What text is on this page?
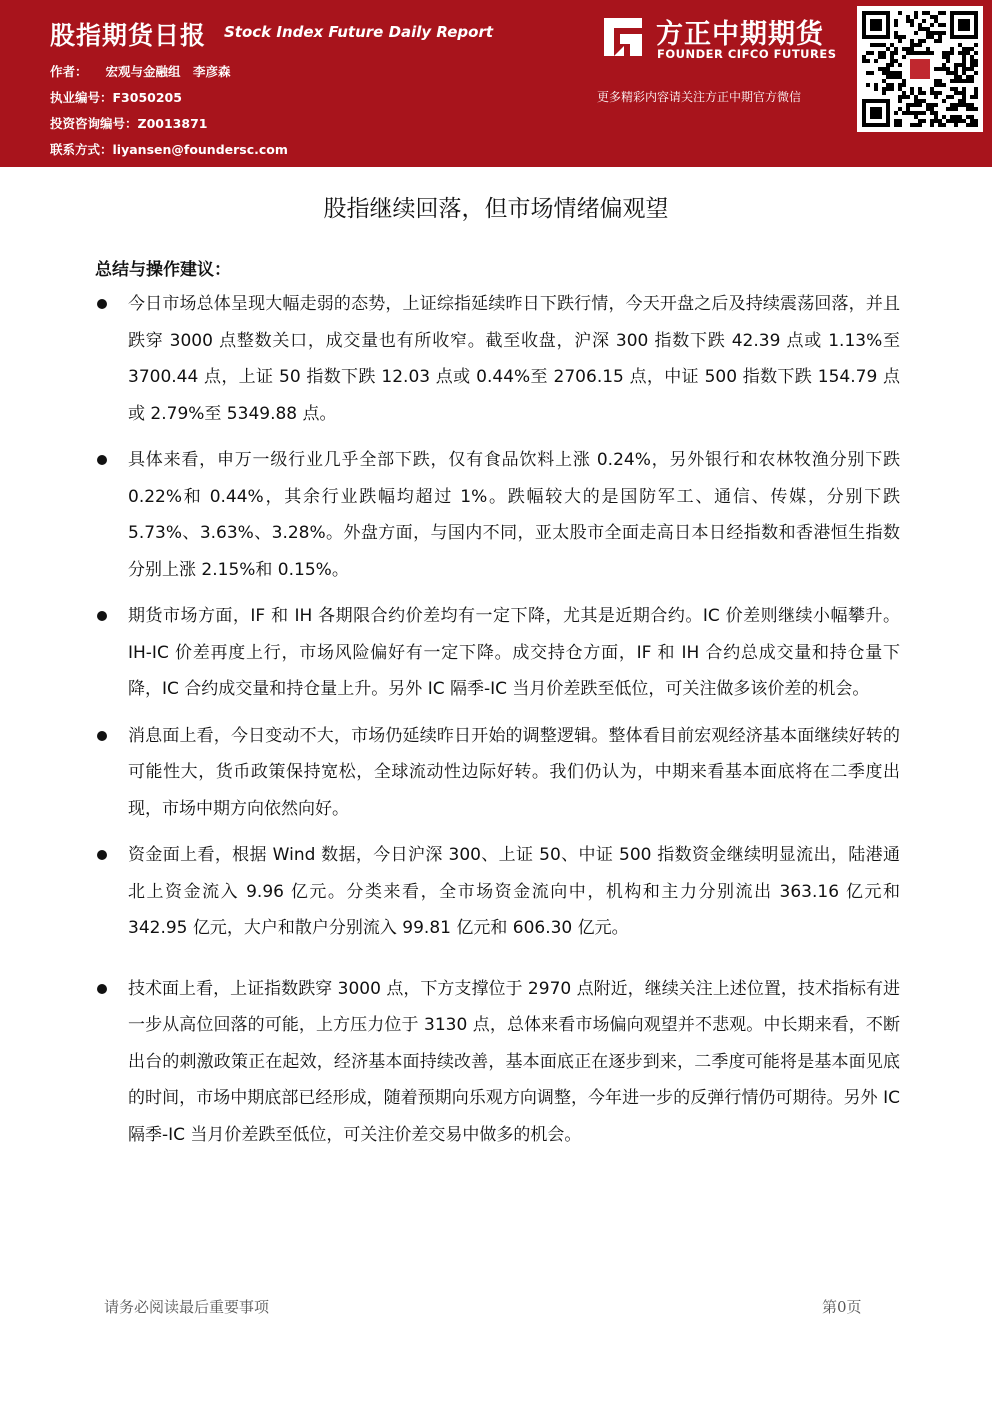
股指期货日报 Stock Index Future Daily Report
作者： 宏观与金融组　李彦森
执业编号：F3050205
投资咨询编号：Z0013871
联系方式：liyansen@foundersc.com
方正中期期货
FOUNDER CIFCO FUTURES
更多精彩内容请关注方正中期官方微信
股指继续回落，但市场情绪偏观望
总结与操作建议：
今日市场总体呈现大幅走弱的态势，上证综指延续昨日下跌行情，今天开盘之后及持续震荡回落，并且跌穿 3000 点整数关口，成交量也有所收窄。截至收盘，沪深 300 指数下跌 42.39 点或 1.13%至 3700.44 点，上证 50 指数下跌 12.03 点或 0.44%至 2706.15 点，中证 500 指数下跌 154.79 点或 2.79%至 5349.88 点。
具体来看，申万一级行业几乎全部下跌，仅有食品饮料上涨 0.24%，另外银行和农林牧渔分别下跌 0.22%和 0.44%，其余行业跌幅均超过 1%。跌幅较大的是国防军工、通信、传媒，分别下跌 5.73%、3.63%、3.28%。外盘方面，与国内不同，亚太股市全面走高日本日经指数和香港恒生指数分别上涨 2.15%和 0.15%。
期货市场方面，IF 和 IH 各期限合约价差均有一定下降，尤其是近期合约。IC 价差则继续小幅攀升。IH-IC 价差再度上行，市场风险偏好有一定下降。成交持仓方面，IF 和 IH 合约总成交量和持仓量下降，IC 合约成交量和持仓量上升。另外 IC 隔季-IC 当月价差跌至低位，可关注做多该价差的机会。
消息面上看，今日变动不大，市场仍延续昨日开始的调整逻辑。整体看目前宏观经济基本面继续好转的可能性大，货币政策保持宽松，全球流动性边际好转。我们仍认为，中期来看基本面底将在二季度出现，市场中期方向依然向好。
资金面上看，根据 Wind 数据，今日沪深 300、上证 50、中证 500 指数资金继续明显流出，陆港通北上资金流入 9.96 亿元。分类来看，全市场资金流向中，机构和主力分别流出 363.16 亿元和 342.95 亿元，大户和散户分别流入 99.81 亿元和 606.30 亿元。
技术面上看，上证指数跌穿 3000 点，下方支撑位于 2970 点附近，继续关注上述位置，技术指标有进一步从高位回落的可能，上方压力位于 3130 点，总体来看市场偏向观望并不悲观。中长期来看，不断出台的刺激政策正在起效，经济基本面持续改善，基本面底正在逐步到来，二季度可能将是基本面见底的时间，市场中期底部已经形成，随着预期向乐观方向调整，今年进一步的反弹行情仍可期待。另外 IC 隔季-IC 当月价差跌至低位，可关注价差交易中做多的机会。
请务必阅读最后重要事项	第0页
